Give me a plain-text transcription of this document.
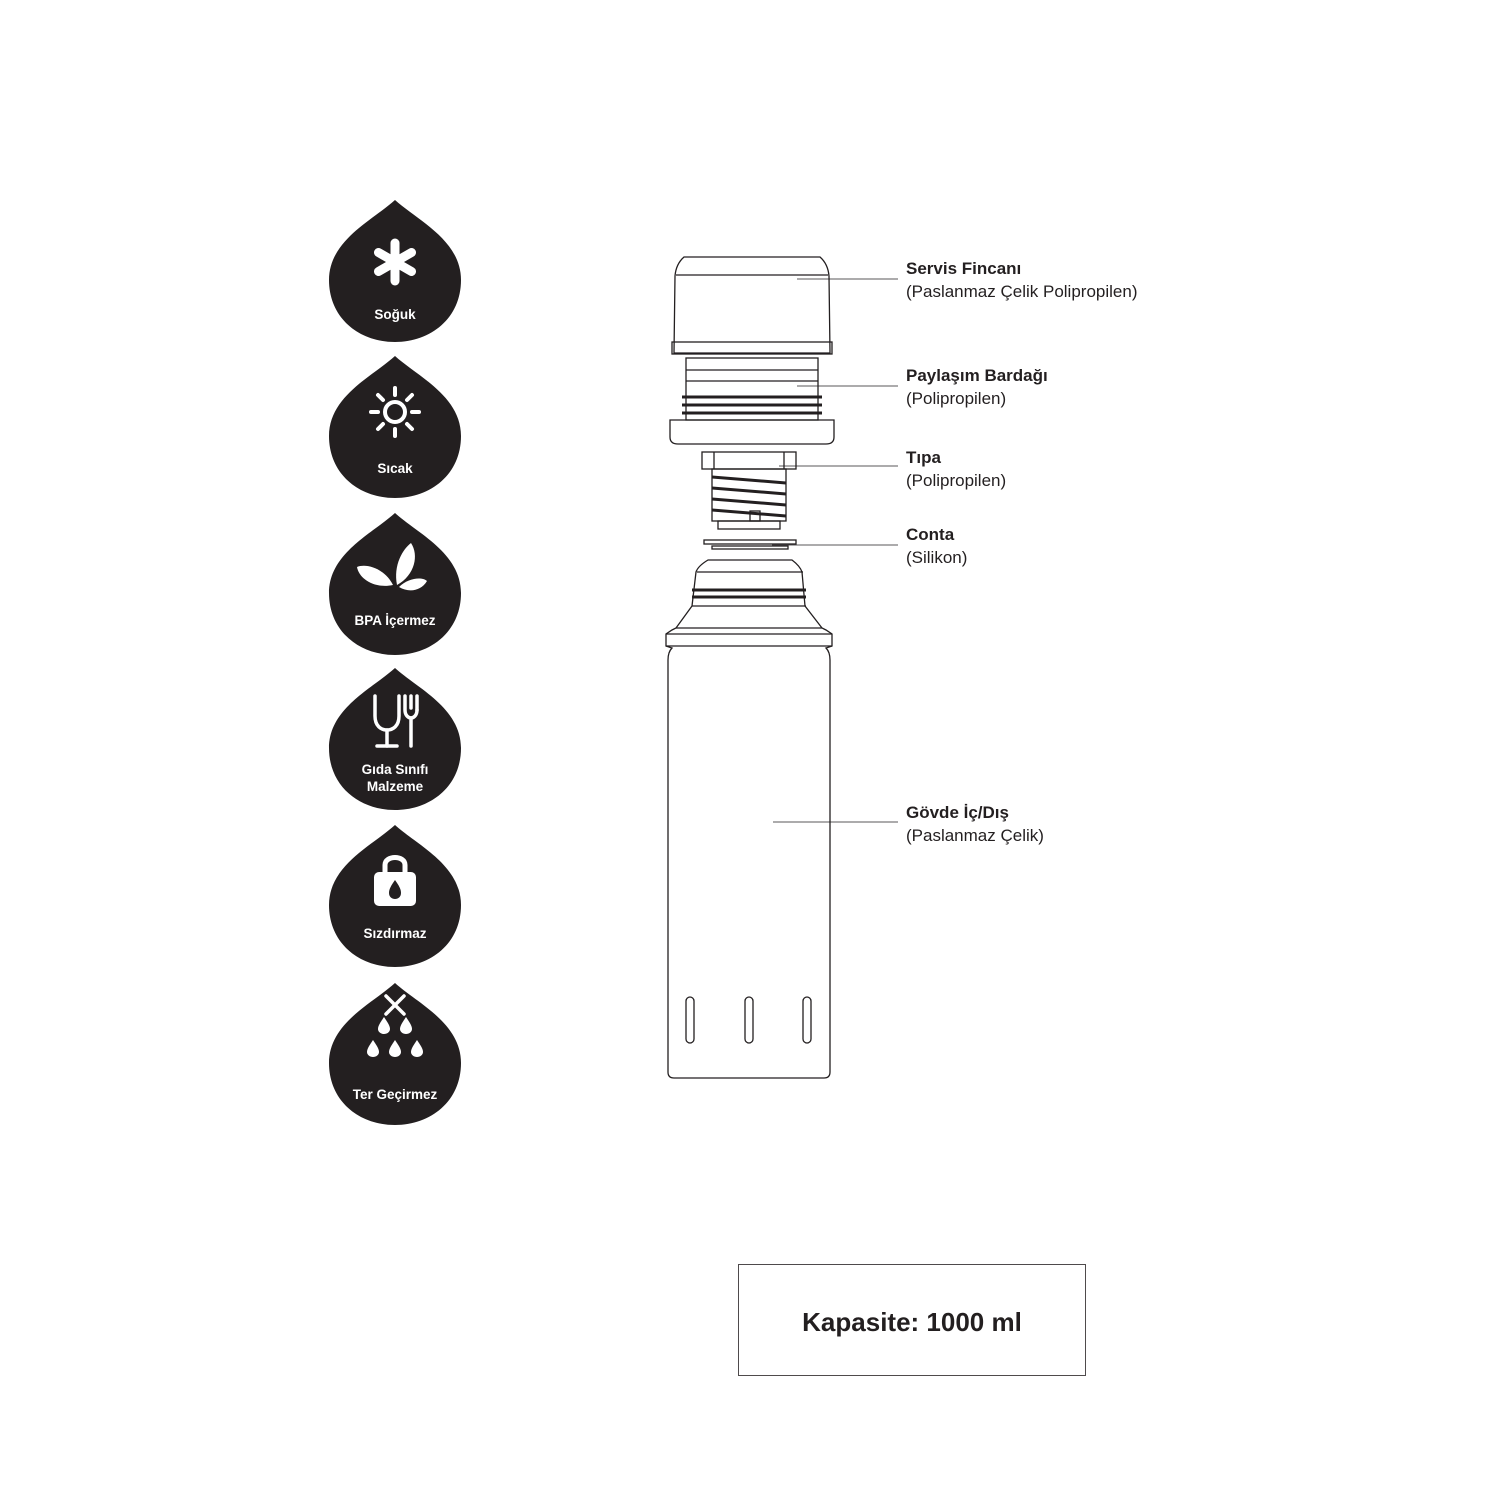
Soğuk
Sıcak
BPA İçermez
Gıda Sınıfı
Malzeme
Sızdırmaz
Ter Geçirmez
Servis Fincanı
(Paslanmaz Çelik Polipropilen)
Paylaşım Bardağı
(Polipropilen)
Tıpa
(Polipropilen)
Conta
(Silikon)
Gövde İç/Dış
(Paslanmaz Çelik)
Kapasite: 1000 ml
